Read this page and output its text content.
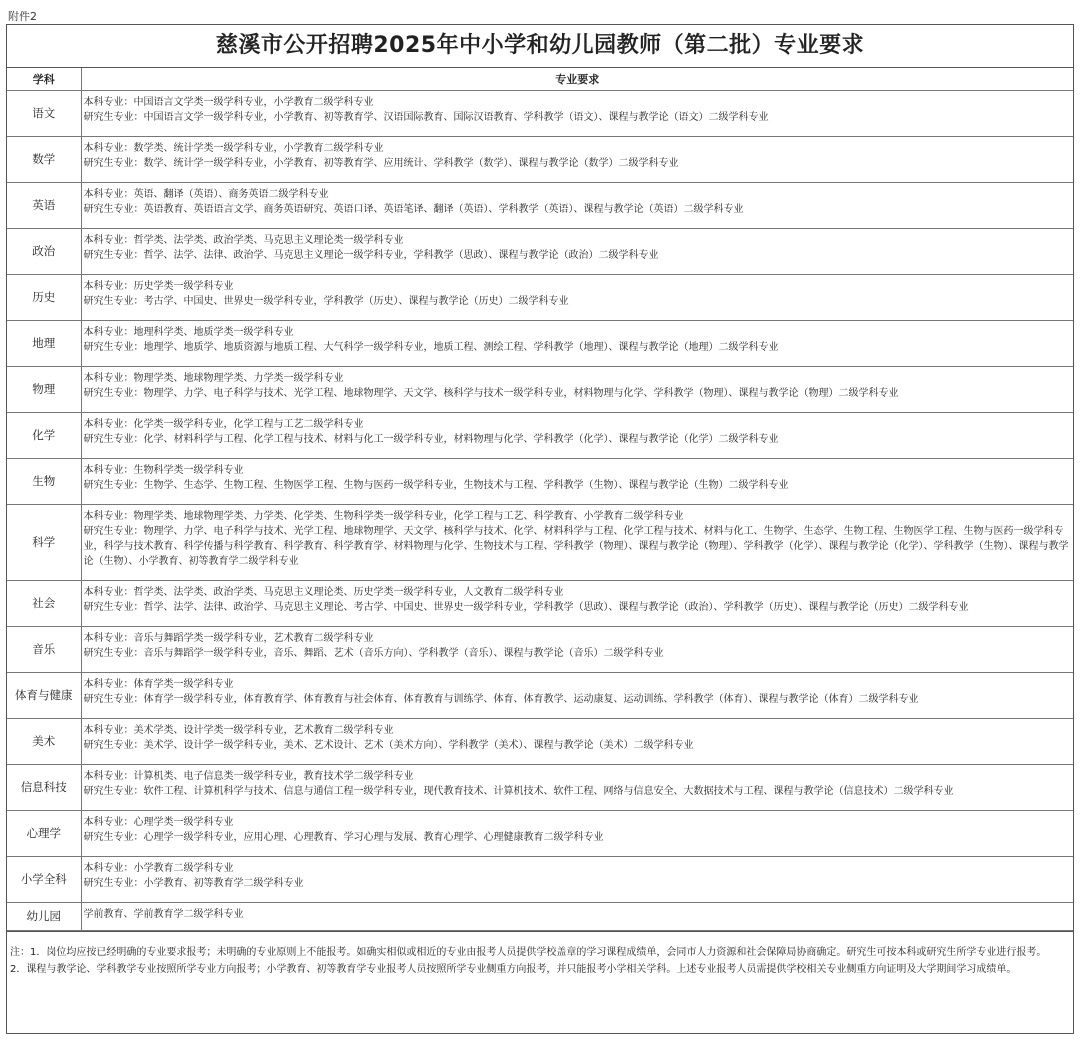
附件2
慈溪市公开招聘2025年中小学和幼儿园教师（第二批）专业要求
学科	专业要求
语文	本科专业：中国语言文学类一级学科专业，小学教育二级学科专业
研究生专业：中国语言文学一级学科专业，小学教育、初等教育学、汉语国际教育、国际汉语教育、学科教学（语文）、课程与教学论（语文）二级学科专业

数学	本科专业：数学类、统计学类一级学科专业，小学教育二级学科专业
研究生专业：数学、统计学一级学科专业，小学教育、初等教育学、应用统计、学科教学（数学）、课程与教学论（数学）二级学科专业

英语	本科专业：英语、翻译（英语）、商务英语二级学科专业
研究生专业：英语教育、英语语言文学、商务英语研究、英语口译、英语笔译、翻译（英语）、学科教学（英语）、课程与教学论（英语）二级学科专业

政治	本科专业：哲学类、法学类、政治学类、马克思主义理论类一级学科专业
研究生专业：哲学、法学、法律、政治学、马克思主义理论一级学科专业，学科教学（思政）、课程与教学论（政治）二级学科专业

历史	本科专业：历史学类一级学科专业
研究生专业：考古学、中国史、世界史一级学科专业，学科教学（历史）、课程与教学论（历史）二级学科专业

地理	本科专业：地理科学类、地质学类一级学科专业
研究生专业：地理学、地质学、地质资源与地质工程、大气科学一级学科专业，地质工程、测绘工程、学科教学（地理）、课程与教学论（地理）二级学科专业

物理	本科专业：物理学类、地球物理学类、力学类一级学科专业
研究生专业：物理学、力学、电子科学与技术、光学工程、地球物理学、天文学、核科学与技术一级学科专业，材料物理与化学、学科教学（物理）、课程与教学论（物理）二级学科专业

化学	本科专业：化学类一级学科专业，化学工程与工艺二级学科专业
研究生专业：化学、材料科学与工程、化学工程与技术、材料与化工一级学科专业，材料物理与化学、学科教学（化学）、课程与教学论（化学）二级学科专业

生物	本科专业：生物科学类一级学科专业
研究生专业：生物学、生态学、生物工程、生物医学工程、生物与医药一级学科专业，生物技术与工程、学科教学（生物）、课程与教学论（生物）二级学科专业

科学	本科专业：物理学类、地球物理学类、力学类、化学类、生物科学类一级学科专业，化学工程与工艺、科学教育、小学教育二级学科专业
研究生专业：物理学、力学、电子科学与技术、光学工程、地球物理学、天文学、核科学与技术、化学、材料科学与工程、化学工程与技术、材料与化工、生物学、生态学、生物工程、生物医学工程、生物与医药一级学科专业，科学与技术教育、科学传播与科学教育、科学教育、科学教育学、材料物理与化学、生物技术与工程、学科教学（物理）、课程与教学论（物理）、学科教学（化学）、课程与教学论（化学）、学科教学（生物）、课程与教学论（生物）、小学教育、初等教育学二级学科专业

社会	本科专业：哲学类、法学类、政治学类、马克思主义理论类、历史学类一级学科专业，人文教育二级学科专业
研究生专业：哲学、法学、法律、政治学、马克思主义理论、考古学、中国史、世界史一级学科专业，学科教学（思政）、课程与教学论（政治）、学科教学（历史）、课程与教学论（历史）二级学科专业

音乐	本科专业：音乐与舞蹈学类一级学科专业，艺术教育二级学科专业
研究生专业：音乐与舞蹈学一级学科专业，音乐、舞蹈、艺术（音乐方向）、学科教学（音乐）、课程与教学论（音乐）二级学科专业

体育与健康	本科专业：体育学类一级学科专业
研究生专业：体育学一级学科专业，体育教育学、体育教育与社会体育、体育教育与训练学、体育、体育教学、运动康复、运动训练、学科教学（体育）、课程与教学论（体育）二级学科专业

美术	本科专业：美术学类、设计学类一级学科专业，艺术教育二级学科专业
研究生专业：美术学、设计学一级学科专业，美术、艺术设计、艺术（美术方向）、学科教学（美术）、课程与教学论（美术）二级学科专业

信息科技	本科专业：计算机类、电子信息类一级学科专业，教育技术学二级学科专业
研究生专业：软件工程、计算机科学与技术、信息与通信工程一级学科专业，现代教育技术、计算机技术、软件工程、网络与信息安全、大数据技术与工程、课程与教学论（信息技术）二级学科专业

心理学	本科专业：心理学类一级学科专业
研究生专业：心理学一级学科专业，应用心理、心理教育、学习心理与发展、教育心理学、心理健康教育二级学科专业

小学全科	本科专业：小学教育二级学科专业
研究生专业：小学教育、初等教育学二级学科专业

幼儿园	学前教育、学前教育学二级学科专业
注：1．岗位均应按已经明确的专业要求报考；未明确的专业原则上不能报考。如确实相似或相近的专业由报考人员提供学校盖章的学习课程成绩单，会同市人力资源和社会保障局协商确定。研究生可按本科或研究生所学专业进行报考。
2．课程与教学论、学科教学专业按照所学专业方向报考；小学教育、初等教育学专业报考人员按照所学专业侧重方向报考，并只能报考小学相关学科。上述专业报考人员需提供学校相关专业侧重方向证明及大学期间学习成绩单。
